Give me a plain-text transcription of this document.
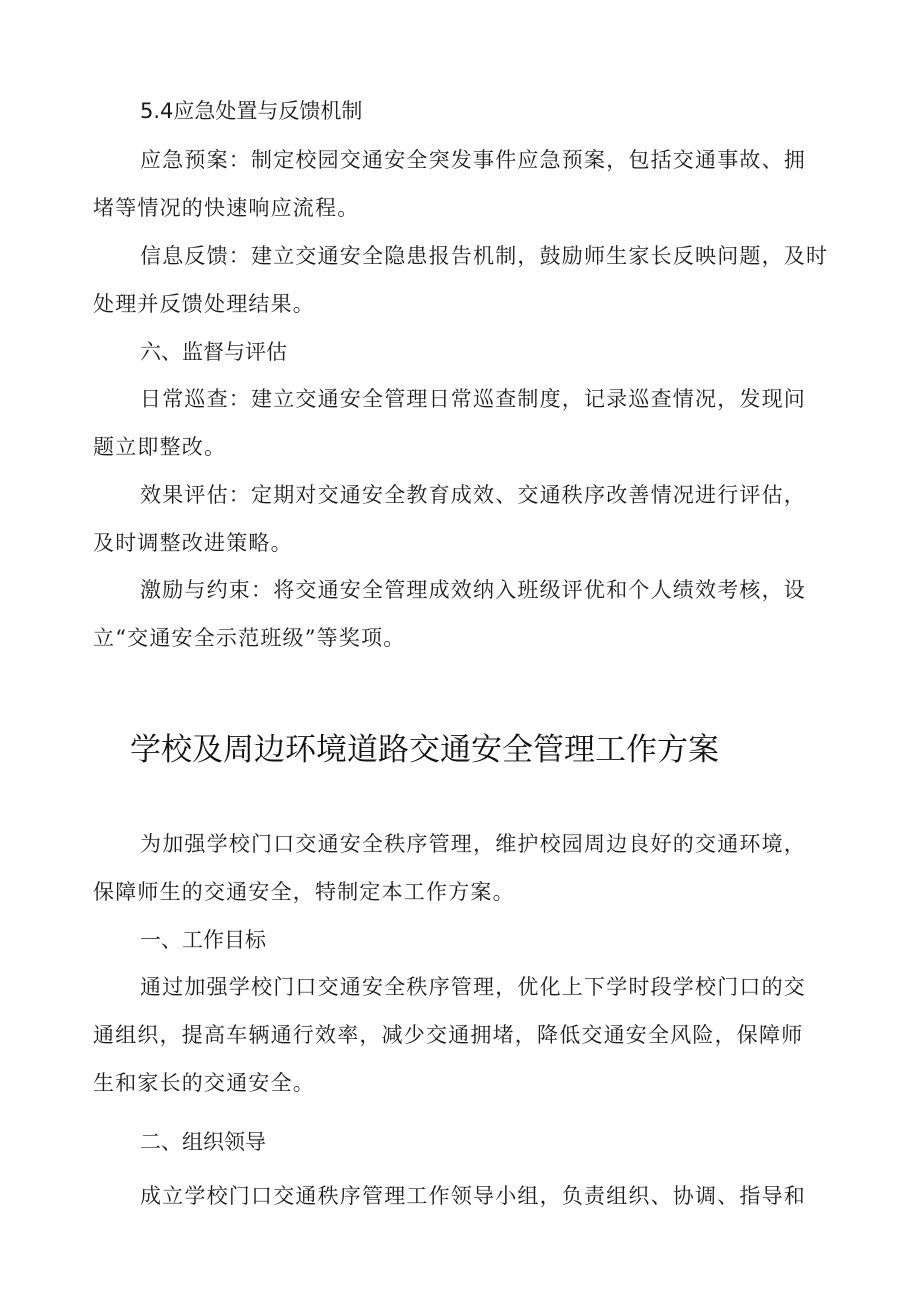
5.4应急处置与反馈机制
应急预案：制定校园交通安全突发事件应急预案，包括交通事故、拥
堵等情况的快速响应流程。
信息反馈：建立交通安全隐患报告机制，鼓励师生家长反映问题，及时
处理并反馈处理结果。
六、监督与评估
日常巡查：建立交通安全管理日常巡查制度，记录巡查情况，发现问
题立即整改。
效果评估：定期对交通安全教育成效、交通秩序改善情况进行评估，
及时调整改进策略。
激励与约束：将交通安全管理成效纳入班级评优和个人绩效考核，设
立“交通安全示范班级”等奖项。
学校及周边环境道路交通安全管理工作方案
为加强学校门口交通安全秩序管理，维护校园周边良好的交通环境，
保障师生的交通安全，特制定本工作方案。
一、工作目标
通过加强学校门口交通安全秩序管理，优化上下学时段学校门口的交
通组织，提高车辆通行效率，减少交通拥堵，降低交通安全风险，保障师
生和家长的交通安全。
二、组织领导
成立学校门口交通秩序管理工作领导小组，负责组织、协调、指导和
